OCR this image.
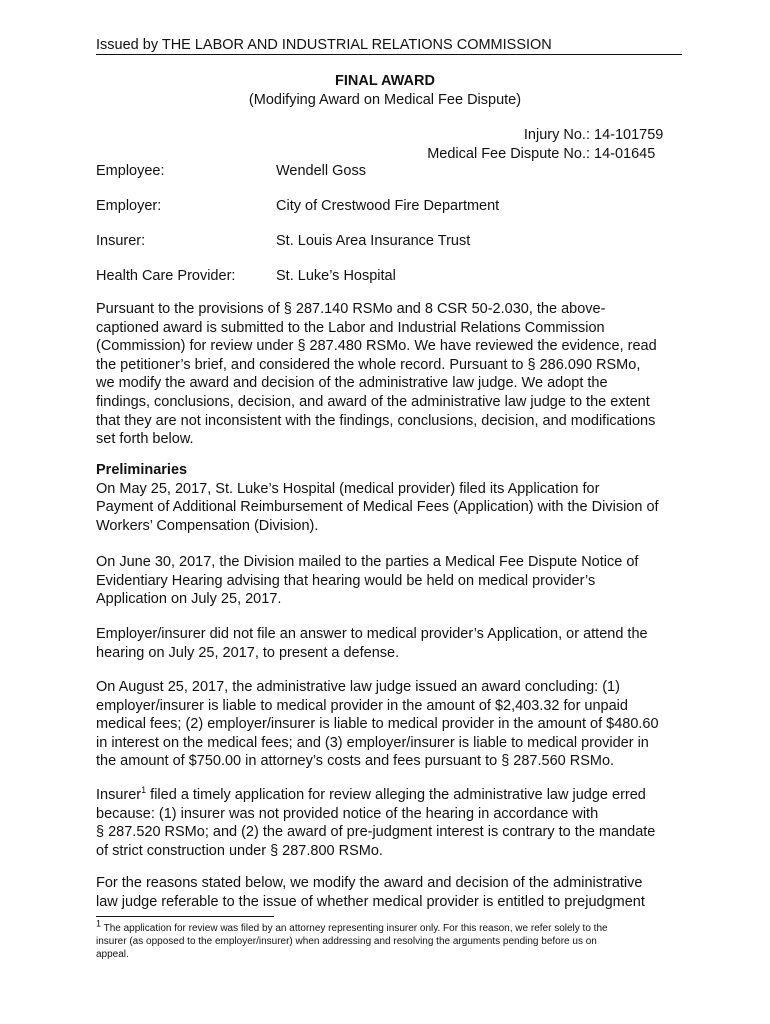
Issued by THE LABOR AND INDUSTRIAL RELATIONS COMMISSION
FINAL AWARD
(Modifying Award on Medical Fee Dispute)
Injury No.: 14-101759
Medical Fee Dispute No.: 14-01645
Employee:	Wendell Goss
Employer:	City of Crestwood Fire Department
Insurer:	St. Louis Area Insurance Trust
Health Care Provider:	St. Luke’s Hospital
Pursuant to the provisions of § 287.140 RSMo and 8 CSR 50-2.030, the above-
captioned award is submitted to the Labor and Industrial Relations Commission
(Commission) for review under § 287.480 RSMo. We have reviewed the evidence, read
the petitioner’s brief, and considered the whole record. Pursuant to § 286.090 RSMo,
we modify the award and decision of the administrative law judge. We adopt the
findings, conclusions, decision, and award of the administrative law judge to the extent
that they are not inconsistent with the findings, conclusions, decision, and modifications
set forth below.
Preliminaries
On May 25, 2017, St. Luke’s Hospital (medical provider) filed its Application for
Payment of Additional Reimbursement of Medical Fees (Application) with the Division of
Workers’ Compensation (Division).
On June 30, 2017, the Division mailed to the parties a Medical Fee Dispute Notice of
Evidentiary Hearing advising that hearing would be held on medical provider’s
Application on July 25, 2017.
Employer/insurer did not file an answer to medical provider’s Application, or attend the
hearing on July 25, 2017, to present a defense.
On August 25, 2017, the administrative law judge issued an award concluding: (1)
employer/insurer is liable to medical provider in the amount of $2,403.32 for unpaid
medical fees; (2) employer/insurer is liable to medical provider in the amount of $480.60
in interest on the medical fees; and (3) employer/insurer is liable to medical provider in
the amount of $750.00 in attorney’s costs and fees pursuant to § 287.560 RSMo.
Insurer$^1$ filed a timely application for review alleging the administrative law judge erred
because: (1) insurer was not provided notice of the hearing in accordance with
§ 287.520 RSMo; and (2) the award of pre-judgment interest is contrary to the mandate
of strict construction under § 287.800 RSMo.
For the reasons stated below, we modify the award and decision of the administrative
law judge referable to the issue of whether medical provider is entitled to prejudgment
$^1$ The application for review was filed by an attorney representing insurer only. For this reason, we refer solely to the
insurer (as opposed to the employer/insurer) when addressing and resolving the arguments pending before us on
appeal.
